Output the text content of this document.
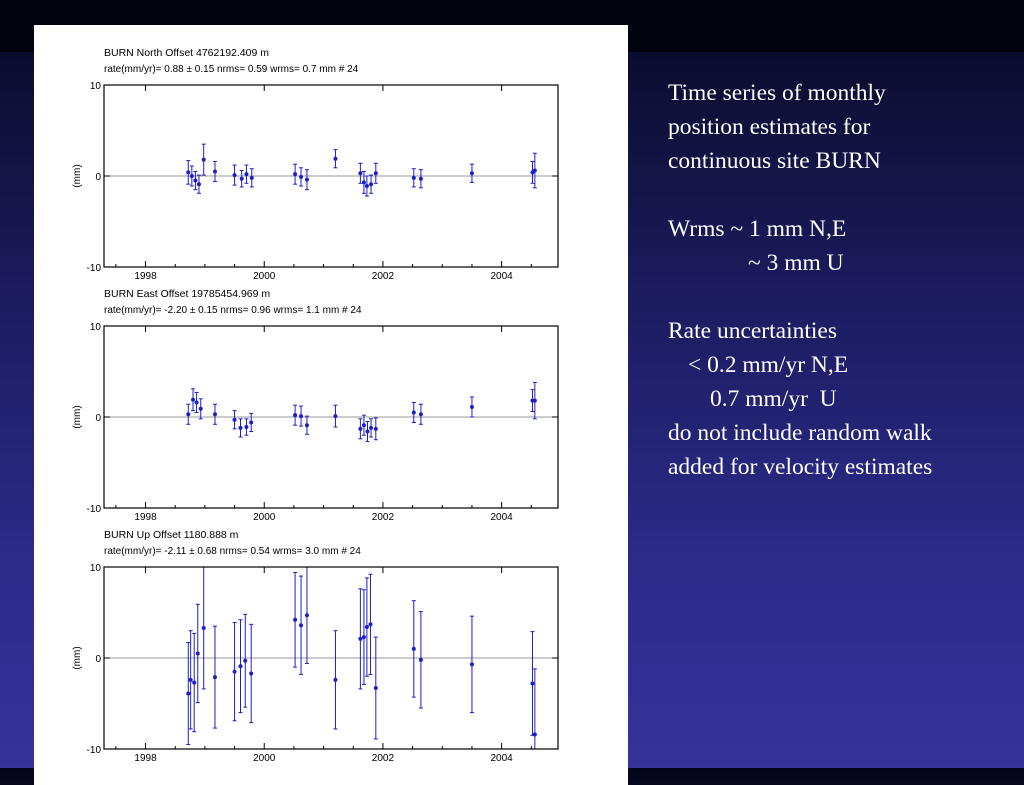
BURN North Offset 4762192.409 m
rate(mm/yr)= 0.88 ± 0.15 nrms= 0.59 wrms= 0.7 mm # 24
1998	2000	2002	2004
-10
0
10
(mm)
BURN East Offset 19785454.969 m
rate(mm/yr)= -2.20 ± 0.15 nrms= 0.96 wrms= 1.1 mm # 24
1998	2000	2002	2004
-10
0
10
(mm)
BURN Up Offset 1180.888 m
rate(mm/yr)= -2.11 ± 0.68 nrms= 0.54 wrms= 3.0 mm # 24
1998	2000	2002	2004
-10
0
10
(mm)
Time series of monthly
position estimates for
continuous site BURN
Wrms ~ 1 mm N,E
~ 3 mm U
Rate uncertainties
< 0.2 mm/yr N,E
0.7 mm/yr  U
do not include random walk
added for velocity estimates
